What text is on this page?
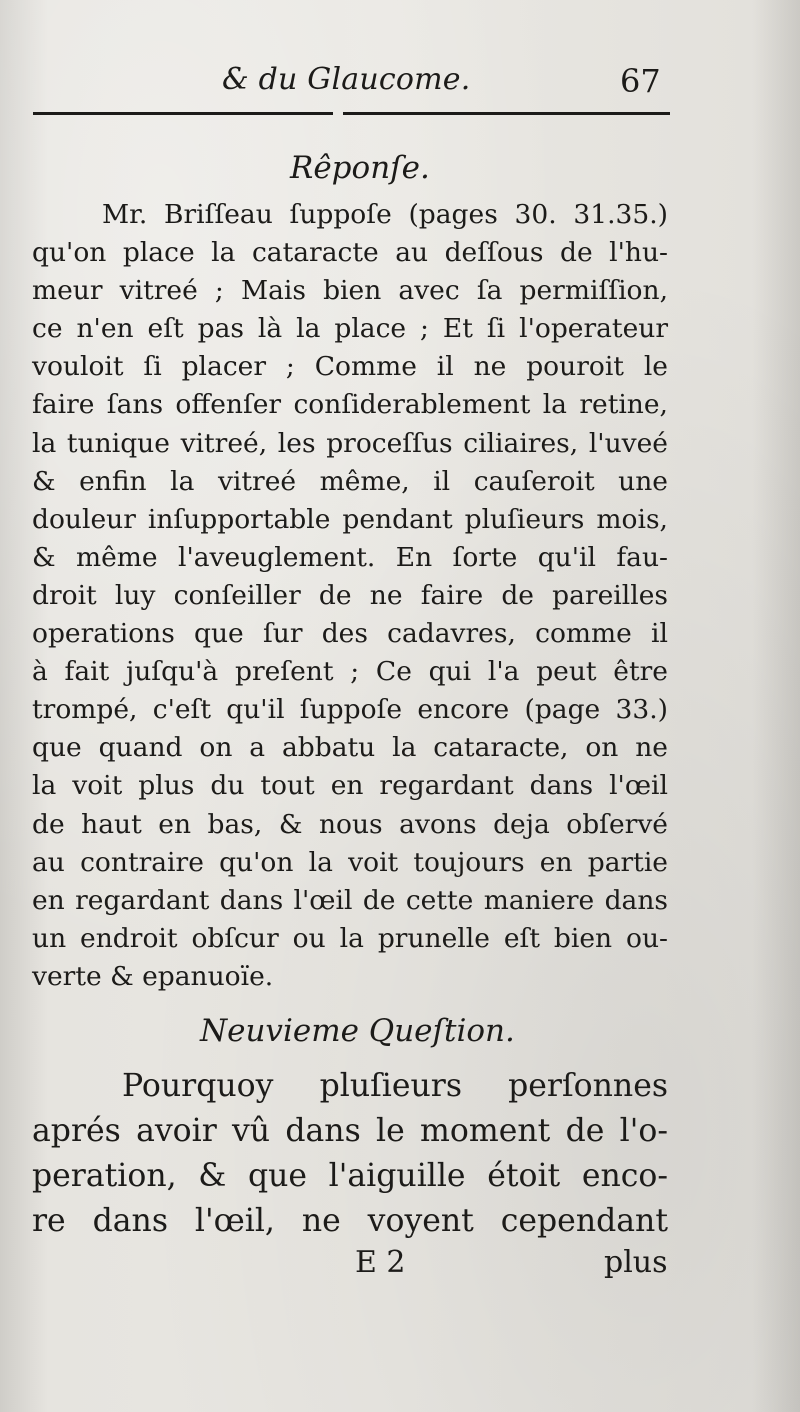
& du Glaucome.	67
Rêponſe.
Mr. Briſſeau ſuppoſe (pages 30. 31.35.)
qu'on place la cataracte au deſſous de l'hu-
meur vitreé ; Mais bien avec ſa permiſſion,
ce n'en eſt pas là la place ; Et ſi l'operateur
vouloit ſi placer ; Comme il ne pouroit le
faire ſans offenſer conſiderablement la retine,
la tunique vitreé, les proceſſus ciliaires, l'uveé
& enfin la vitreé même, il cauſeroit une
douleur inſupportable pendant pluſieurs mois,
& même l'aveuglement. En ſorte qu'il fau-
droit luy conſeiller de ne faire de pareilles
operations que ſur des cadavres, comme il
à fait juſqu'à preſent ; Ce qui l'a peut être
trompé, c'eſt qu'il ſuppoſe encore (page 33.)
que quand on a abbatu la cataracte, on ne
la voit plus du tout en regardant dans l'œil
de haut en bas, & nous avons deja obſervé
au contraire qu'on la voit toujours en partie
en regardant dans l'œil de cette maniere dans
un endroit obſcur ou la prunelle eſt bien ou-
verte & epanuoïe.
Neuvieme Queſtion.
Pourquoy pluſieurs perſonnes
aprés avoir vû dans le moment de l'o-
peration, & que l'aiguille étoit enco-
re dans l'œil, ne voyent cependant
E 2	plus
